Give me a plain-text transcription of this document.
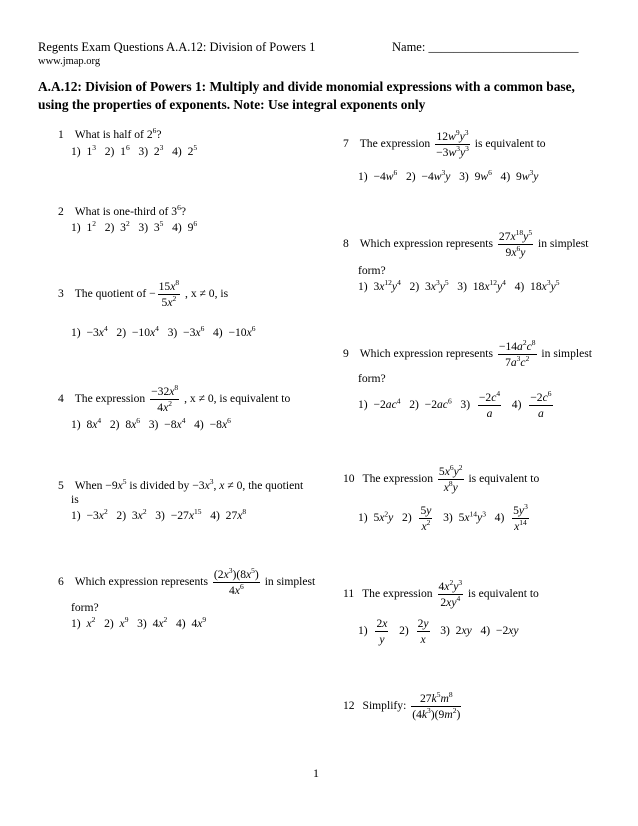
Regents Exam Questions A.A.12: Division of Powers 1	Name: ________________________
www.jmap.org
A.A.12: Division of Powers 1: Multiply and divide monomial expressions with a common base, using the properties of exponents. Note: Use integral exponents only
1 What is half of $2^6$?
1)  $1^3$   2)  $1^6$   3)  $2^3$   4)  $2^5$
2 What is one-third of $3^6$?
1)  $1^2$   2)  $3^2$   3)  $3^5$   4)  $9^6$
3 The quotient of − $\frac{15x^8}{5x^2}$ , x ≠ 0, is
$1) -3x^4$   $2) -10x^4$   $3) -3x^6$   $4) -10x^6$
4 The expression $\frac{-32x^8}{4x^2}$ , x ≠ 0, is equivalent to
1)  $8x^4$   2)  $8x^6$   $3) -8x^4$   $4) -8x^6$
5 When $-9x^5$ is divided by $-3x^3$, x ≠ 0, the quotient
is
$1) -3x^2$   2)  $3x^2$   $3) -27x^{15}$   4)  $27x^8$
6 Which expression represents $\frac{(2x^3)(8x^5)}{4x^6}$ in simplest
form?
1)  $x^2$   2)  $x^9$   3)  $4x^2$   4)  $4x^9$
7 The expression $\frac{12w^9y^3}{-3w^3y^3}$ is equivalent to
$1) -4w^6$   $2) -4w^3y$   3)  $9w^6$   4)  $9w^3y$
8 Which expression represents $\frac{27x^{18}y^5}{9x^6y}$ in simplest
form?
1)  $3x^{12}y^4$   2)  $3x^3y^5$   3)  $18x^{12}y^4$   4)  $18x^3y^5$
9 Which expression represents $\frac{-14a^2c^8}{7a^3c^2}$ in simplest
form?
$1) -2ac^4$   $2) -2ac^6$   $3) \frac{-2c^4}{a} 4) \frac{-2c^6}{a}$
10 The expression $\frac{5x^6y^2}{x^8y}$ is equivalent to
1)  $5x^2y$   $2) \frac{5y}{x^2} 3$)  $5x^{14}y^3$   $4) \frac{5y^3}{x^{14}}$
11 The expression $\frac{4x^2y^3}{2xy^4}$ is equivalent to
$1) \frac{2x}{y} 2) \frac{2y}{x} 3$)  2xy   4)  −2xy
12 Simplify: $\frac{27k^5m^8}{(4k^3)(9m^2)}$
1
